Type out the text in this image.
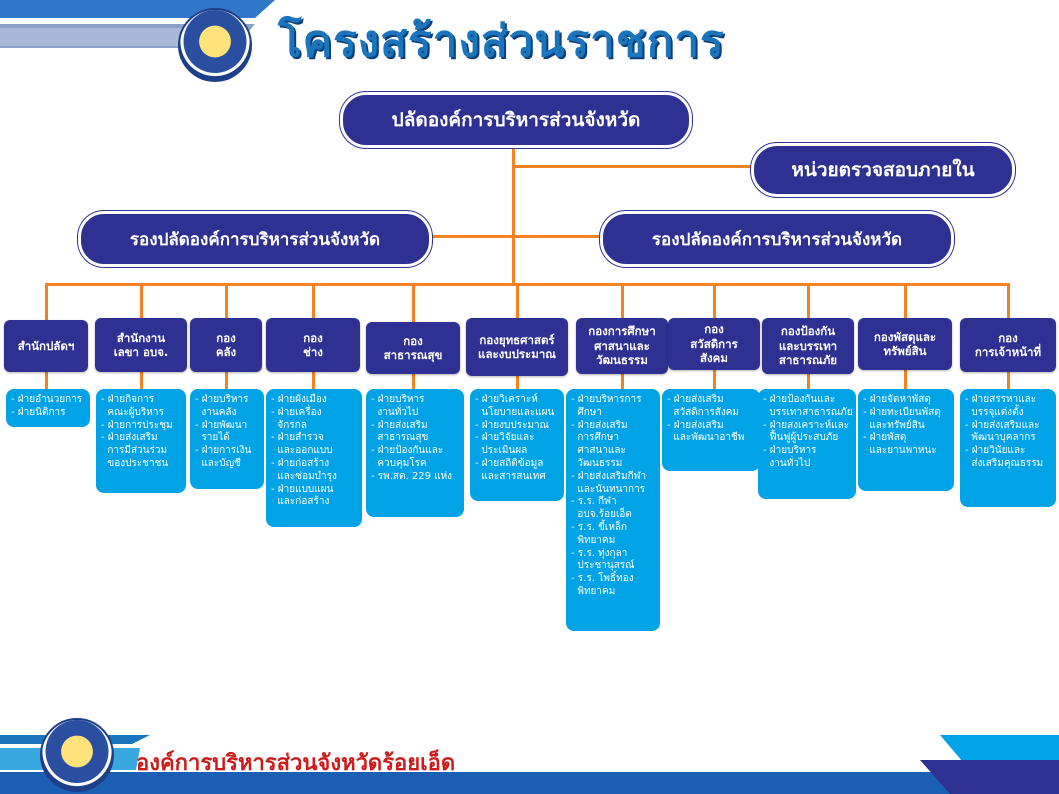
โครงสร้างส่วนราชการ
องค์การบริหารส่วนจังหวัดร้อยเอ็ด
ปลัดองค์การบริหารส่วนจังหวัด
หน่วยตรวจสอบภายใน
รองปลัดองค์การบริหารส่วนจังหวัด	รองปลัดองค์การบริหารส่วนจังหวัด
สำนักปลัดฯ
- ฝ่ายอำนวยการ
- ฝ่ายนิติการ
สำนักงาน
เลขา อบจ.
- ฝ่ายกิจการ
คณะผู้บริหาร
- ฝ่ายการประชุม
- ฝ่ายส่งเสริม
การมีส่วนร่วม
ของประชาชน
กอง
คลัง
- ฝ่ายบริหาร
งานคลัง
- ฝ่ายพัฒนา
รายได้
- ฝ่ายการเงิน
และบัญชี
กอง
ช่าง
- ฝ่ายผังเมือง
- ฝ่ายเครื่อง
จักรกล
- ฝ่ายสำรวจ
และออกแบบ
- ฝ่ายก่อสร้าง
และซ่อมบำรุง
- ฝ่ายแบบแผน
และก่อสร้าง
กอง
สาธารณสุข
- ฝ่ายบริหาร
งานทั่วไป
- ฝ่ายส่งเสริม
สาธารณสุข
- ฝ่ายป้องกันและ
ควบคุมโรค
- รพ.สต. 229 แห่ง
กองยุทธศาสตร์
และงบประมาณ
- ฝ่ายวิเคราะห์
นโยบายและแผน
- ฝ่ายงบประมาณ
- ฝ่ายวิจัยและ
ประเมินผล
- ฝ่ายสถิติข้อมูล
และสารสนเทศ
กองการศึกษา
ศาสนาและ
วัฒนธรรม
- ฝ่ายบริหารการ
ศึกษา
- ฝ่ายส่งเสริม
การศึกษา
ศาสนาและ
วัฒนธรรม
- ฝ่ายส่งเสริมกีฬา
และนันทนาการ
- ร.ร. กีฬา
อบจ.ร้อยเอ็ด
- ร.ร. ขี้เหล็ก
พิทยาคม
- ร.ร. ทุ่งกุลา
ประชานุสรณ์
- ร.ร. โพธิ์ทอง
พิทยาคม
กอง
สวัสดิการ
สังคม
- ฝ่ายส่งเสริม
สวัสดิการสังคม
- ฝ่ายส่งเสริม
และพัฒนาอาชีพ
กองป้องกัน
และบรรเทา
สาธารณภัย
- ฝ่ายป้องกันและ
บรรเทาสาธารณภัย
- ฝ่ายสงเคราะห์และ
ฟื้นฟูผู้ประสบภัย
- ฝ่ายบริหาร
งานทั่วไป
กองพัสดุและ
ทรัพย์สิน
- ฝ่ายจัดหาพัสดุ
- ฝ่ายทะเบียนพัสดุ
และทรัพย์สิน
- ฝ่ายพัสดุ
และยานพาหนะ
กอง
การเจ้าหน้าที่
- ฝ่ายสรรหาและ
บรรจุแต่งตั้ง
- ฝ่ายส่งเสริมและ
พัฒนาบุคลากร
- ฝ่ายวินัยและ
ส่งเสริมคุณธรรม
